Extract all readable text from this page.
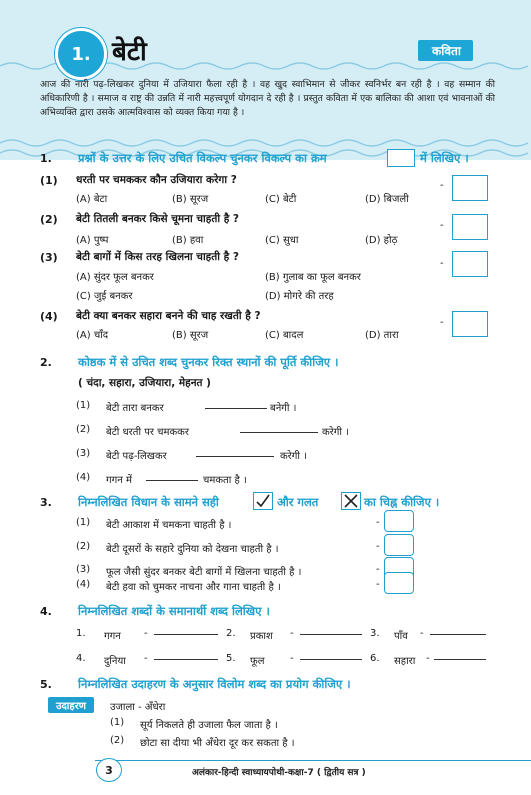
1. बेटी	कविता
आज की नारी पढ़-लिखकर दुनिया में उजियारा फैला रही है । वह खुद स्वाभिमान से जीकर स्वनिर्भर बन रही है । वह सम्मान की अधिकारिणी है । समाज व राष्ट्र की उन्नति में नारी महत्त्वपूर्ण योगदान दे रही है । प्रस्तुत कविता में एक बालिका की आशा एवं भावनाओं की अभिव्यक्ति द्वारा उसके आत्मविश्वास को व्यक्त किया गया है ।
1. प्रश्नों के उत्तर के लिए उचित विकल्प चुनकर विकल्प का क्रम	में लिखिए ।
(1) धरती पर चमककर कौन उजियारा करेगा ?
(A) बेटा	(B) सूरज	(C) बेटी	(D) बिजली
-
(2) बेटी तितली बनकर किसे चूमना चाहती है ?
(A) पुष्प	(B) हवा	(C) सुधा	(D) होठ़
-
(3) बेटी बागों में किस तरह खिलना चाहती है ?
(A) सुंदर फूल बनकर	(B) गुलाब का फूल बनकर
(C) जुई बनकर	(D) मोगरे की तरह
-
(4) बेटी क्या बनकर सहारा बनने की चाह रखती है ?
(A) चाँद	(B) सूरज	(C) बादल	(D) तारा
-
2. कोष्ठक में से उचित शब्द चुनकर रिक्त स्थानों की पूर्ति कीजिए ।
( चंदा, सहारा, उजियारा, मेहनत )
(1) बेटी तारा बनकर	बनेगी ।
(2) बेटी धरती पर चमककर	करेगी ।
(3) बेटी पढ़-लिखकर	करेगी ।
(4) गगन में	चमकता है ।
3. निम्नलिखित विधान के सामने सही	और गलत	का चिह्न कीजिए ।
(1) बेटी आकाश में चमकना चाहती है ।	-
(2) बेटी दूसरों के सहारे दुनिया को देखना चाहती है ।	-
(3) फूल जैसी सुंदर बनकर बेटी बागों में खिलना चाहती है ।	-
(4) बेटी हवा को चुमकर नाचना और गाना चाहती है ।	-
4. निम्नलिखित शब्दों के समानार्थी शब्द लिखिए ।
1. गगन -	2. प्रकाश -	3. पाँव -
4. दुनिया -	5. फूल	-	6. सहारा -
5. निम्नलिखित उदाहरण के अनुसार विलोम शब्द का प्रयोग कीजिए ।
उदाहरण	उजाला - अँधेरा
(1) सूर्य निकलते ही उजाला फैल जाता है ।
(2) छोटा सा दीया भी अँधेरा दूर कर सकता है ।
3	अलंकार-हिन्दी स्वाध्यायपोथी-कक्षा-7 ( द्वितीय सत्र )
